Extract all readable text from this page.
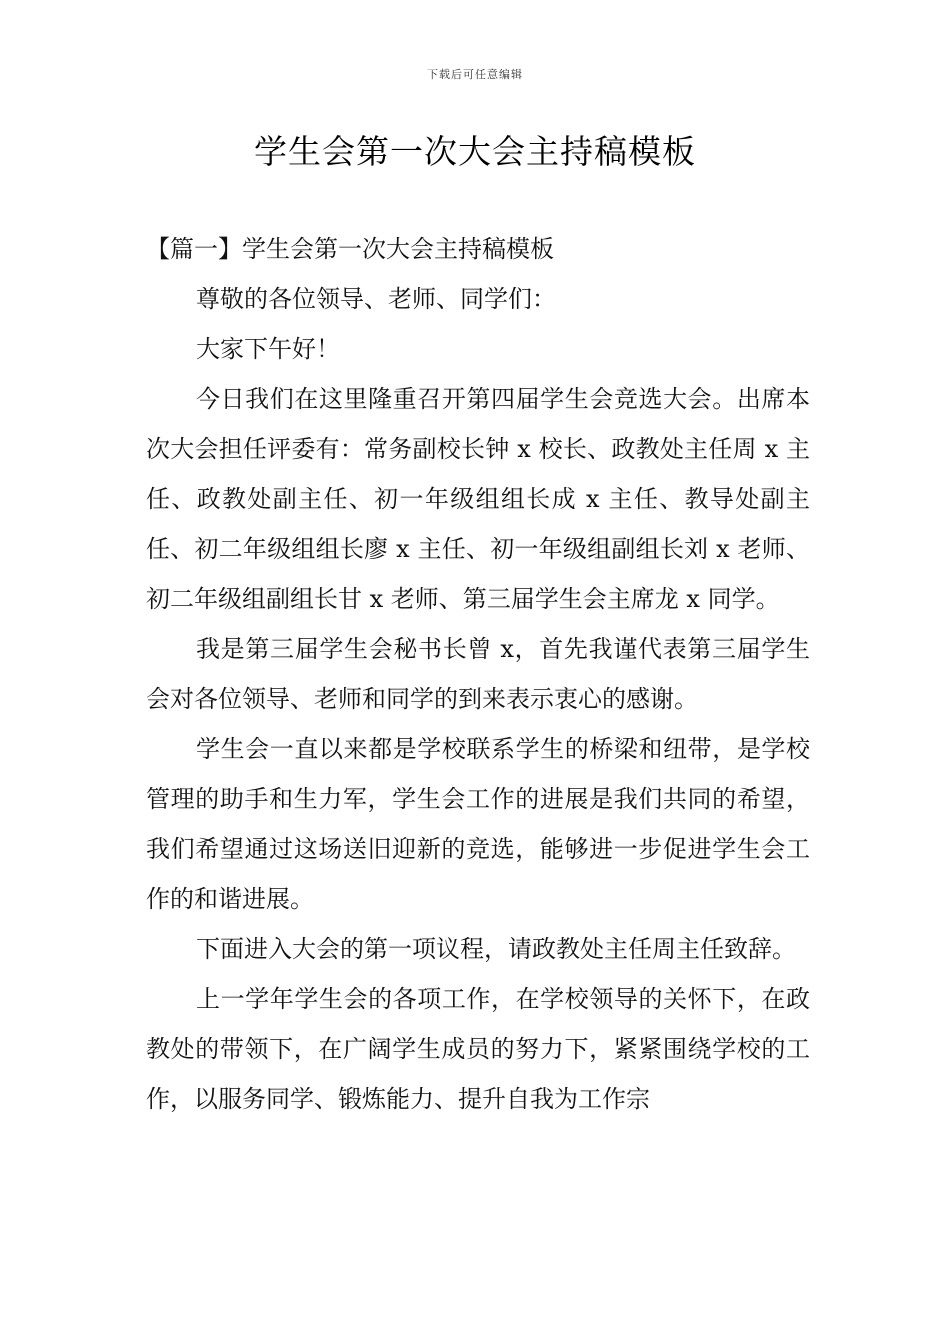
下载后可任意编辑
学生会第一次大会主持稿模板

【篇一】学生会第一次大会主持稿模板

尊敬的各位领导、老师、同学们：

大家下午好！

今日我们在这里隆重召开第四届学生会竞选大会。出席本次大会担任评委有：常务副校长钟 x 校长、政教处主任周 x 主任、政教处副主任、初一年级组组长成 x 主任、教导处副主任、初二年级组组长廖 x 主任、初一年级组副组长刘 x 老师、初二年级组副组长甘 x 老师、第三届学生会主席龙 x 同学。

我是第三届学生会秘书长曾 x，首先我谨代表第三届学生会对各位领导、老师和同学的到来表示衷心的感谢。

学生会一直以来都是学校联系学生的桥梁和纽带，是学校管理的助手和生力军，学生会工作的进展是我们共同的希望，我们希望通过这场送旧迎新的竞选，能够进一步促进学生会工作的和谐进展。

下面进入大会的第一项议程，请政教处主任周主任致辞。

上一学年学生会的各项工作，在学校领导的关怀下，在政教处的带领下，在广阔学生成员的努力下，紧紧围绕学校的工作，以服务同学、锻炼能力、提升自我为工作宗
